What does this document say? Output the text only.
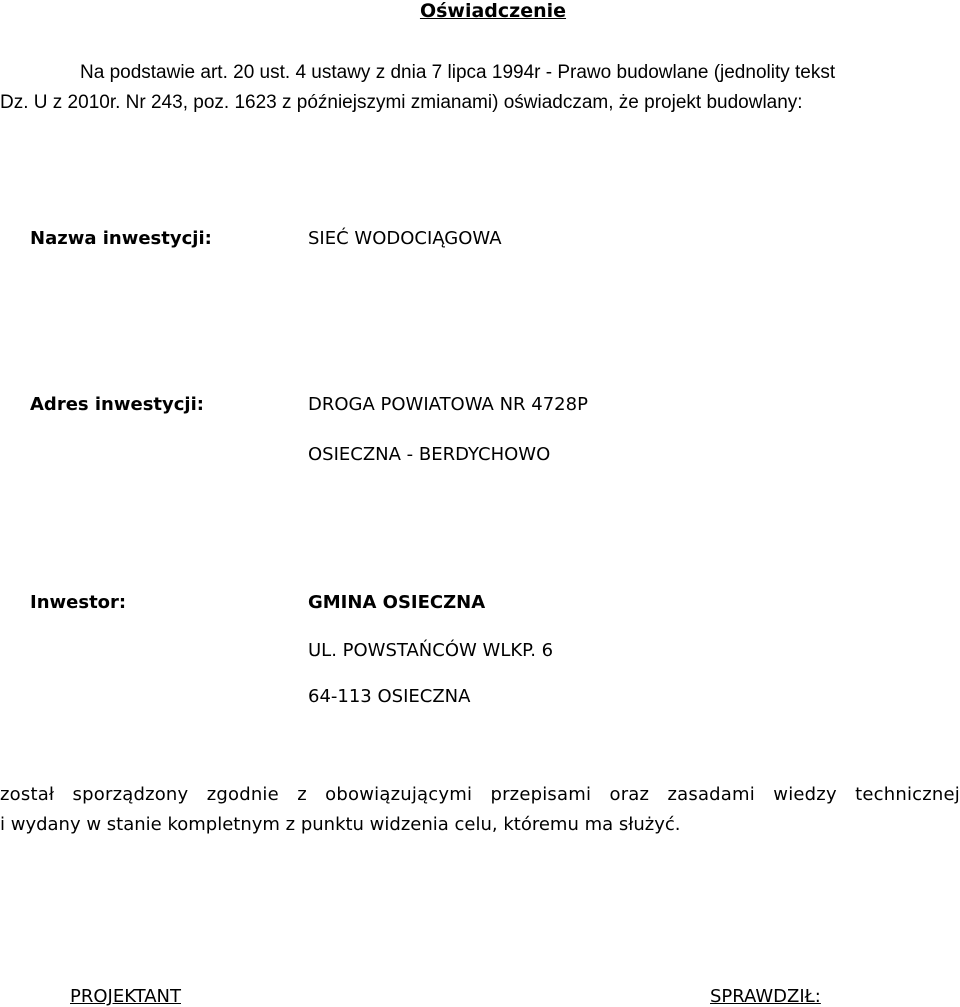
Oświadczenie
Na podstawie art. 20 ust. 4 ustawy z dnia 7 lipca 1994r - Prawo budowlane (jednolity tekst
Dz. U z 2010r. Nr 243, poz. 1623 z późniejszymi zmianami) oświadczam, że projekt budowlany:
Nazwa inwestycji:	SIEĆ WODOCIĄGOWA
Adres inwestycji:	DROGA POWIATOWA NR 4728P
OSIECZNA - BERDYCHOWO
Inwestor:	GMINA OSIECZNA
UL. POWSTAŃCÓW WLKP. 6
64-113 OSIECZNA
został sporządzony zgodnie z obowiązującymi przepisami oraz zasadami wiedzy technicznej
i wydany w stanie kompletnym z punktu widzenia celu, któremu ma służyć.
PROJEKTANT	SPRAWDZIŁ:
